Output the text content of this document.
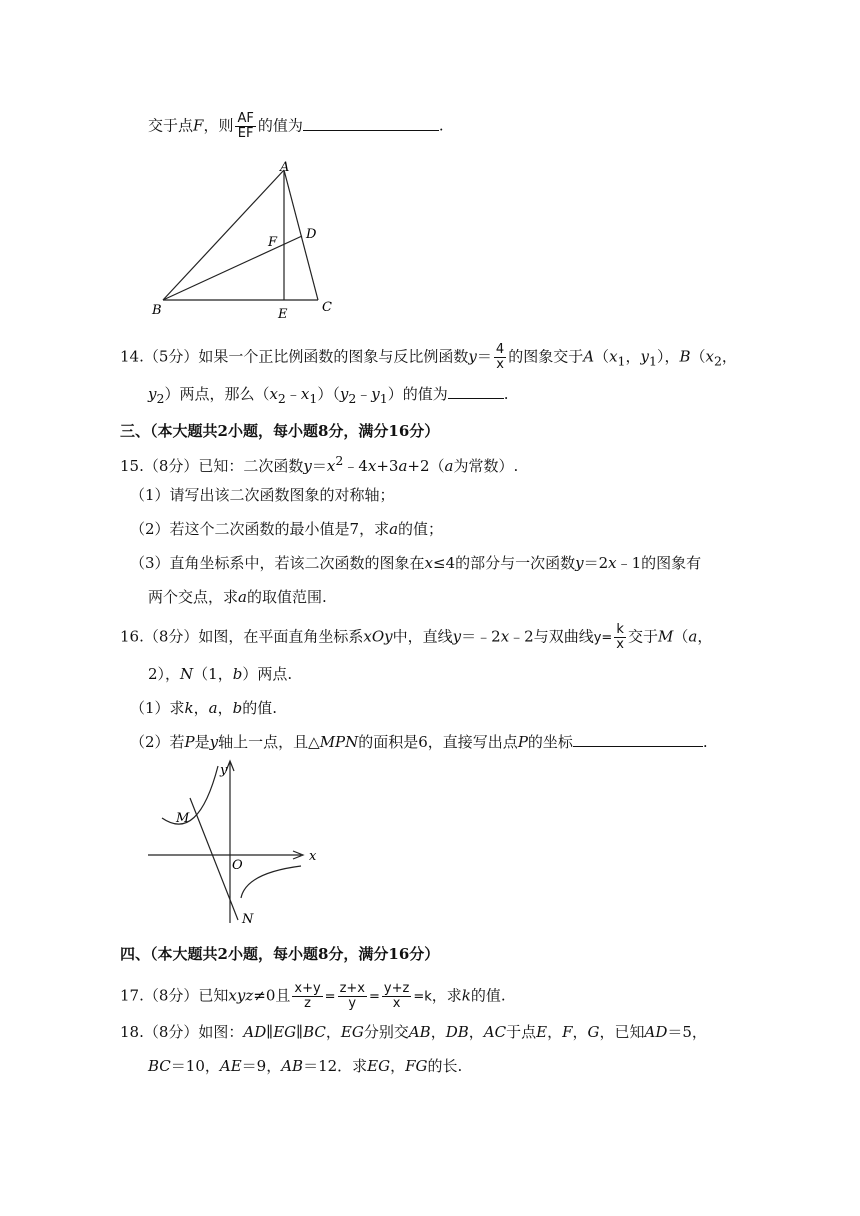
交于点F，则 $\frac{AF}{EF}$ 的值为	.
A
B	C
D
E
F
14.（5分）如果一个正比例函数的图象与反比例函数$y= \frac{4}{x}$ 的图象交于$A(x_1$，$y_1$），$B(x_2$，
$y_2$）两点，那么$(x_2﹣x_1)(y_2﹣y_1)$的值为	.
三、（本大题共2小题，每小题8分，满分16分）
15.（8分）已知：二次函数$y=x^2﹣4x+3a+2(a$为常数）.
（1）请写出该二次函数图象的对称轴；
（2）若这个二次函数的最小值是7，求a的值；
（3）直角坐标系中，若该二次函数的图象在x≤4的部分与一次函数y＝2x﹣1的图象有
两个交点，求a的取值范围.
16.（8分）如图，在平面直角坐标系xOy中，直线y＝﹣2x﹣2与双曲线$y= \frac{k}{x}$ 交于M（a，
2），N（1，b）两点.
（1）求k，a，b的值.
（2）若P是y轴上一点，且△MPN的面积是6，直接写出点P的坐标	.
y
x
O
M
N
四、（本大题共2小题，每小题8分，满分16分）
17.（8分）已知xyz≠0且 $\frac{x+y}{z} = \frac{z+x}{y} = \frac{y+z}{x} =k$，求k的值.
18.（8分）如图：AD∥EG∥BC，EG分别交AB，DB，AC于点E，F，G，已知AD＝5，
BC＝10，AE＝9，AB＝12．求EG，FG的长.
